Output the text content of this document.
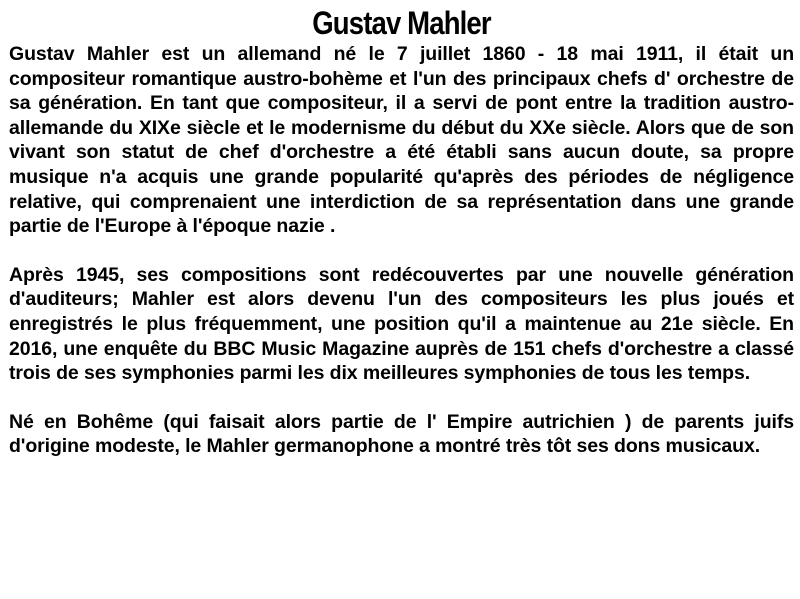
Gustav Mahler

Gustav Mahler est un allemand né le 7 juillet 1860 - 18 mai 1911, il était un compositeur romantique austro-bohème et l'un des principaux chefs d' orchestre de sa génération. En tant que compositeur, il a servi de pont entre la tradition austro-allemande du XIXe siècle et le modernisme du début du XXe siècle. Alors que de son vivant son statut de chef d'orchestre a été établi sans aucun doute, sa propre musique n'a acquis une grande popularité qu'après des périodes de négligence relative, qui comprenaient une interdiction de sa représentation dans une grande partie de l'Europe à l'époque nazie .

Après 1945, ses compositions sont redécouvertes par une nouvelle génération d'auditeurs; Mahler est alors devenu l'un des compositeurs les plus joués et enregistrés le plus fréquemment, une position qu'il a maintenue au 21e siècle. En 2016, une enquête du BBC Music Magazine auprès de 151 chefs d'orchestre a classé trois de ses symphonies parmi les dix meilleures symphonies de tous les temps.

Né en Bohême (qui faisait alors partie de l' Empire autrichien ) de parents juifs d'origine modeste, le Mahler germanophone a montré très tôt ses dons musicaux.
